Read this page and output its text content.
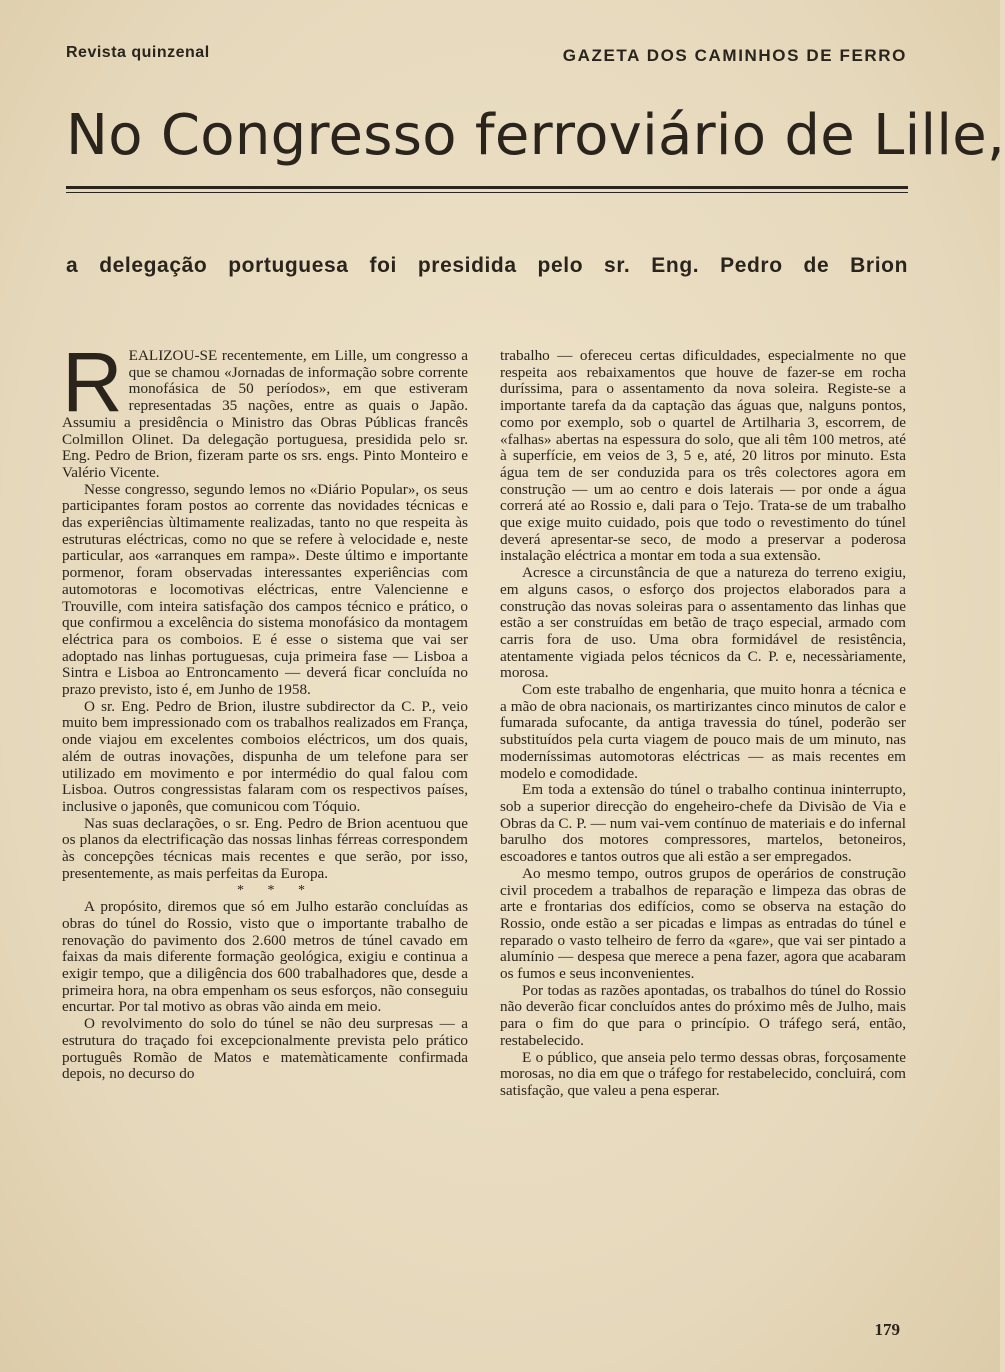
Revista quinzenal	GAZETA DOS CAMINHOS DE FERRO
No Congresso ferroviário de Lille,
a delegação portuguesa foi presidida pelo sr. Eng. Pedro de Brion

REALIZOU-SE recentemente, em Lille, um congresso a que se chamou «Jornadas de informação sobre corrente monofásica de 50 períodos», em que estiveram representadas 35 nações, entre as quais o Japão. Assumiu a presidência o Ministro das Obras Públicas francês Colmillon Olinet. Da delegação portuguesa, presidida pelo sr. Eng. Pedro de Brion, fizeram parte os srs. engs. Pinto Monteiro e Valério Vicente.

Nesse congresso, segundo lemos no «Diário Popular», os seus participantes foram postos ao corrente das novidades técnicas e das experiências ùltimamente realizadas, tanto no que respeita às estruturas eléctricas, como no que se refere à velocidade e, neste particular, aos «arranques em rampa». Deste último e importante pormenor, foram observadas interessantes experiências com automotoras e locomotivas eléctricas, entre Valencienne e Trouville, com inteira satisfação dos campos técnico e prático, o que confirmou a excelência do sistema monofásico da montagem eléctrica para os comboios. E é esse o sistema que vai ser adoptado nas linhas portuguesas, cuja primeira fase — Lisboa a Sintra e Lisboa ao Entroncamento — deverá ficar concluída no prazo previsto, isto é, em Junho de 1958.

O sr. Eng. Pedro de Brion, ilustre subdirector da C. P., veio muito bem impressionado com os trabalhos realizados em França, onde viajou em excelentes comboios eléctricos, um dos quais, além de outras inovações, dispunha de um telefone para ser utilizado em movimento e por intermédio do qual falou com Lisboa. Outros congressistas falaram com os respectivos países, inclusive o japonês, que comunicou com Tóquio.

Nas suas declarações, o sr. Eng. Pedro de Brion acentuou que os planos da electrificação das nossas linhas férreas correspondem às concepções técnicas mais recentes e que serão, por isso, presentemente, as mais perfeitas da Europa.

* * *

A propósito, diremos que só em Julho estarão concluídas as obras do túnel do Rossio, visto que o importante trabalho de renovação do pavimento dos 2.600 metros de túnel cavado em faixas da mais diferente formação geológica, exigiu e continua a exigir tempo, que a diligência dos 600 trabalhadores que, desde a primeira hora, na obra empenham os seus esforços, não conseguiu encurtar. Por tal motivo as obras vão ainda em meio.

O revolvimento do solo do túnel se não deu surpresas — a estrutura do traçado foi excepcionalmente prevista pelo prático português Romão de Matos e matemàticamente confirmada depois, no decurso do

trabalho — ofereceu certas dificuldades, especialmente no que respeita aos rebaixamentos que houve de fazer-se em rocha duríssima, para o assentamento da nova soleira. Registe-se a importante tarefa da da captação das águas que, nalguns pontos, como por exemplo, sob o quartel de Artilharia 3, escorrem, de «falhas» abertas na espessura do solo, que ali têm 100 metros, até à superfície, em veios de 3, 5 e, até, 20 litros por minuto. Esta água tem de ser conduzida para os três colectores agora em construção — um ao centro e dois laterais — por onde a água correrá até ao Rossio e, dali para o Tejo. Trata-se de um trabalho que exige muito cuidado, pois que todo o revestimento do túnel deverá apresentar-se seco, de modo a preservar a poderosa instalação eléctrica a montar em toda a sua extensão.

Acresce a circunstância de que a natureza do terreno exigiu, em alguns casos, o esforço dos projectos elaborados para a construção das novas soleiras para o assentamento das linhas que estão a ser construídas em betão de traço especial, armado com carris fora de uso. Uma obra formidável de resistência, atentamente vigiada pelos técnicos da C. P. e, necessàriamente, morosa.

Com este trabalho de engenharia, que muito honra a técnica e a mão de obra nacionais, os martirizantes cinco minutos de calor e fumarada sufocante, da antiga travessia do túnel, poderão ser substituídos pela curta viagem de pouco mais de um minuto, nas moderníssimas automotoras eléctricas — as mais recentes em modelo e comodidade.

Em toda a extensão do túnel o trabalho continua ininterrupto, sob a superior direcção do engeheiro-chefe da Divisão de Via e Obras da C. P. — num vai-vem contínuo de materiais e do infernal barulho dos motores compressores, martelos, betoneiros, escoadores e tantos outros que ali estão a ser empregados.

Ao mesmo tempo, outros grupos de operários de construção civil procedem a trabalhos de reparação e limpeza das obras de arte e frontarias dos edifícios, como se observa na estação do Rossio, onde estão a ser picadas e limpas as entradas do túnel e reparado o vasto telheiro de ferro da «gare», que vai ser pintado a alumínio — despesa que merece a pena fazer, agora que acabaram os fumos e seus inconvenientes.

Por todas as razões apontadas, os trabalhos do túnel do Rossio não deverão ficar concluídos antes do próximo mês de Julho, mais para o fim do que para o princípio. O tráfego será, então, restabelecido.

E o público, que anseia pelo termo dessas obras, forçosamente morosas, no dia em que o tráfego for restabelecido, concluirá, com satisfação, que valeu a pena esperar.

179
